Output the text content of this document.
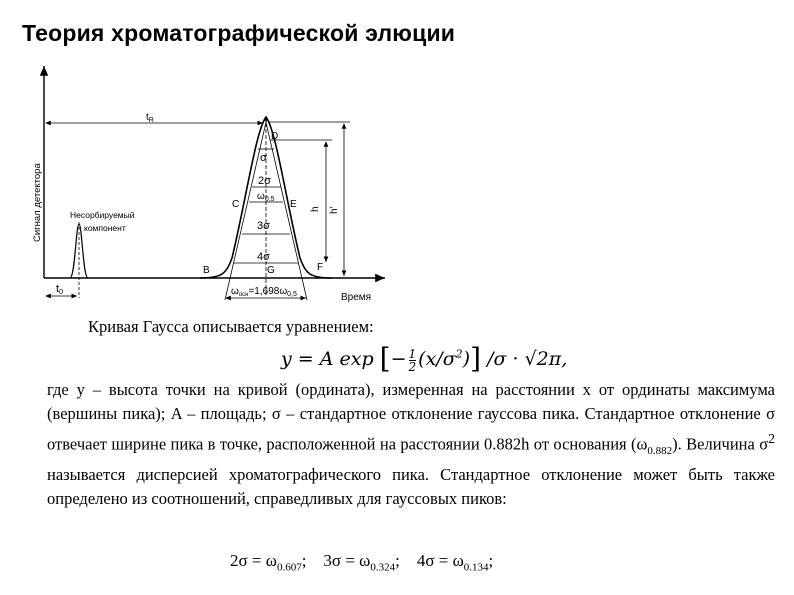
Теория хроматографической элюции
Сигнал детектора
Время
Несорбируемый
компонент
t0
σ
2σ
$\omega_{0,5}$
3σ
4σ
D
C	E
B	G	F
$t_R$
h h′
$\omega_{осн}=1,698\omega_{0,5}$
Кривая Гаусса описывается уравнением:
y = A exp [− $\frac{1}{2} (x/\sigma^2)$] /σ · √2π,
где y – высота точки на кривой (ордината), измеренная на расстоянии x от ординаты максимума (вершины пика); A – площадь; σ – стандартное отклонение гауссова пика. Стандартное отклонение σ отвечает ширине пика в точке, расположенной на расстоянии 0.882h от основания $(\omega_{0.882})$. Величина $\sigma^2$ называется дисперсией хроматографического пика. Стандартное отклонение может быть также определено из соотношений, справедливых для гауссовых пиков:
$2\sigma = \omega_{0.607}$;    $3\sigma = \omega_{0.324}$;    $4\sigma = \omega_{0.134}$;
